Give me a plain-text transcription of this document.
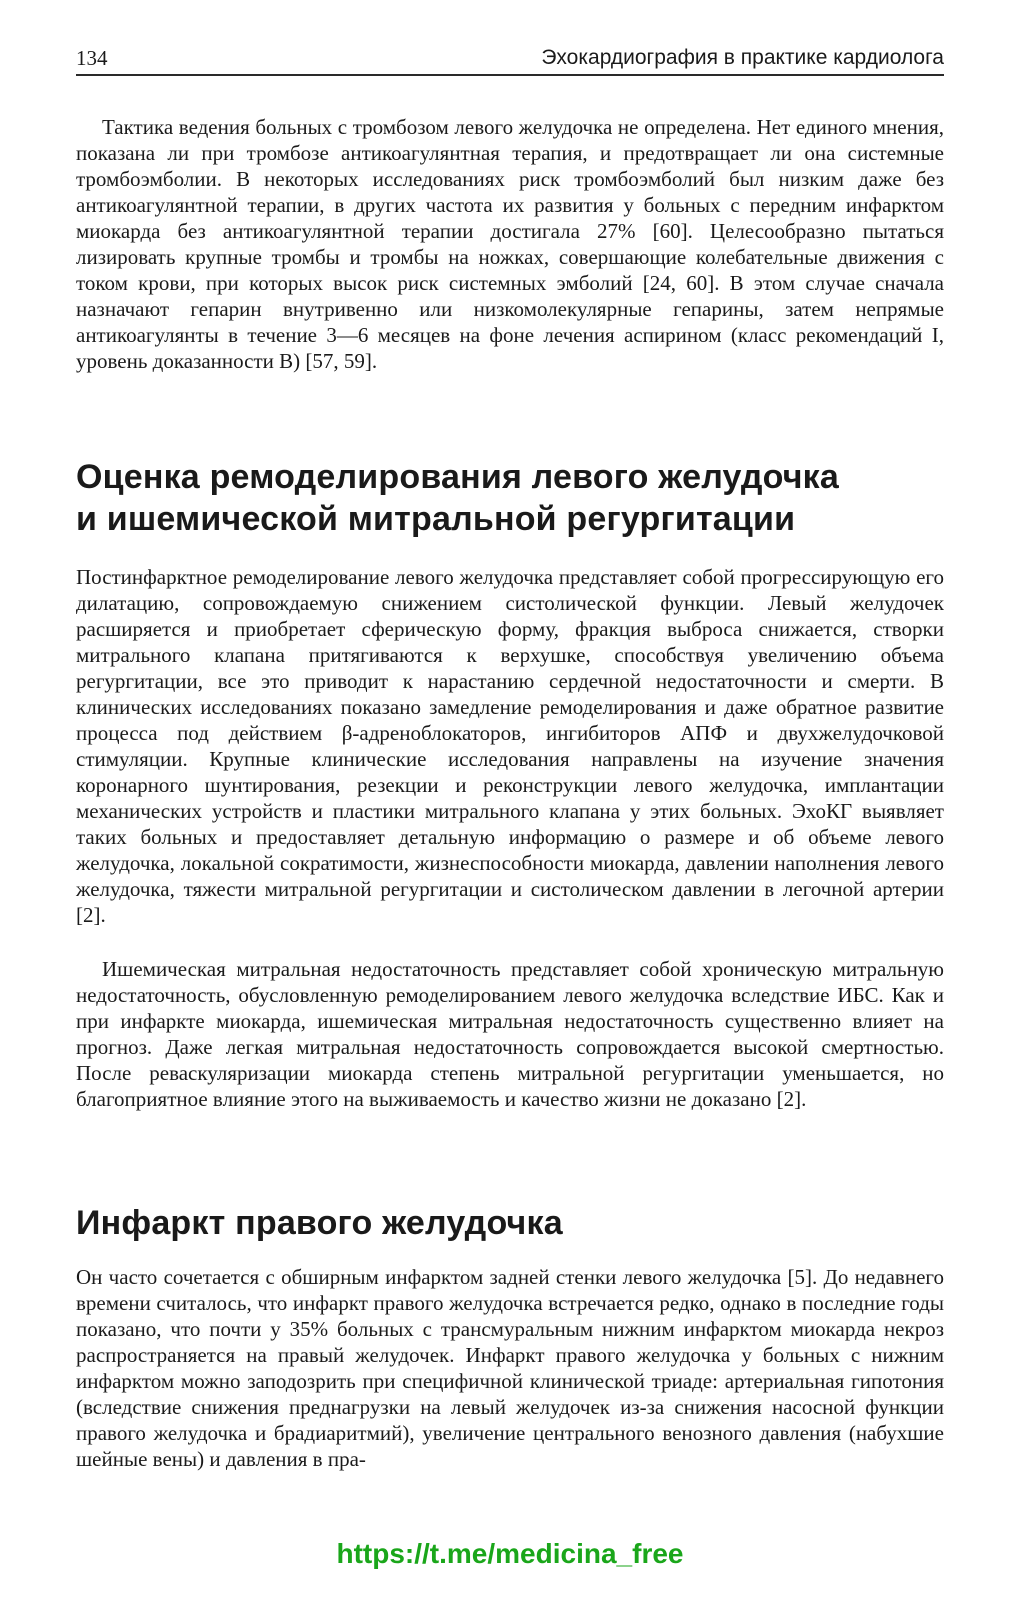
134	Эхокардиография в практике кардиолога

Тактика ведения больных с тромбозом левого желудочка не определена. Нет единого мнения, показана ли при тромбозе антикоагулянтная терапия, и предотвращает ли она системные тромбоэмболии. В некоторых исследованиях риск тромбоэмболий был низким даже без антикоагулянтной терапии, в других частота их развития у больных с передним инфарктом миокарда без антикоагулянтной терапии достигала 27% [60]. Целесообразно пытаться лизировать крупные тромбы и тромбы на ножках, совершающие колебательные движения с током крови, при которых высок риск системных эмболий [24, 60]. В этом случае сначала назначают гепарин внутривенно или низкомолекулярные гепарины, затем непрямые антикоагулянты в течение 3—6 месяцев на фоне лечения аспирином (класс рекомендаций I, уровень доказанности B) [57, 59].

Оценка ремоделирования левого желудочка
и ишемической митральной регургитации

Постинфарктное ремоделирование левого желудочка представляет собой прогрессирующую его дилатацию, сопровождаемую снижением систолической функции. Левый желудочек расширяется и приобретает сферическую форму, фракция выброса снижается, створки митрального клапана притягиваются к верхушке, способствуя увеличению объема регургитации, все это приводит к нарастанию сердечной недостаточности и смерти. В клинических исследованиях показано замедление ремоделирования и даже обратное развитие процесса под действием β-адреноблокаторов, ингибиторов АПФ и двухжелудочковой стимуляции. Крупные клинические исследования направлены на изучение значения коронарного шунтирования, резекции и реконструкции левого желудочка, имплантации механических устройств и пластики митрального клапана у этих больных. ЭхоКГ выявляет таких больных и предоставляет детальную информацию о размере и об объеме левого желудочка, локальной сократимости, жизнеспособности миокарда, давлении наполнения левого желудочка, тяжести митральной регургитации и систолическом давлении в легочной артерии [2].

Ишемическая митральная недостаточность представляет собой хроническую митральную недостаточность, обусловленную ремоделированием левого желудочка вследствие ИБС. Как и при инфаркте миокарда, ишемическая митральная недостаточность существенно влияет на прогноз. Даже легкая митральная недостаточность сопровождается высокой смертностью. После реваскуляризации миокарда степень митральной регургитации уменьшается, но благоприятное влияние этого на выживаемость и качество жизни не доказано [2].

Инфаркт правого желудочка

Он часто сочетается с обширным инфарктом задней стенки левого желудочка [5]. До недавнего времени считалось, что инфаркт правого желудочка встречается редко, однако в последние годы показано, что почти у 35% больных с трансмуральным нижним инфарктом миокарда некроз распространяется на правый желудочек. Инфаркт правого желудочка у больных с нижним инфарктом можно заподозрить при специфичной клинической триаде: артериальная гипотония (вследствие снижения преднагрузки на левый желудочек из-за снижения насосной функции правого желудочка и брадиаритмий), увеличение центрального венозного давления (набухшие шейные вены) и давления в пра-

https://t.me/medicina_free
